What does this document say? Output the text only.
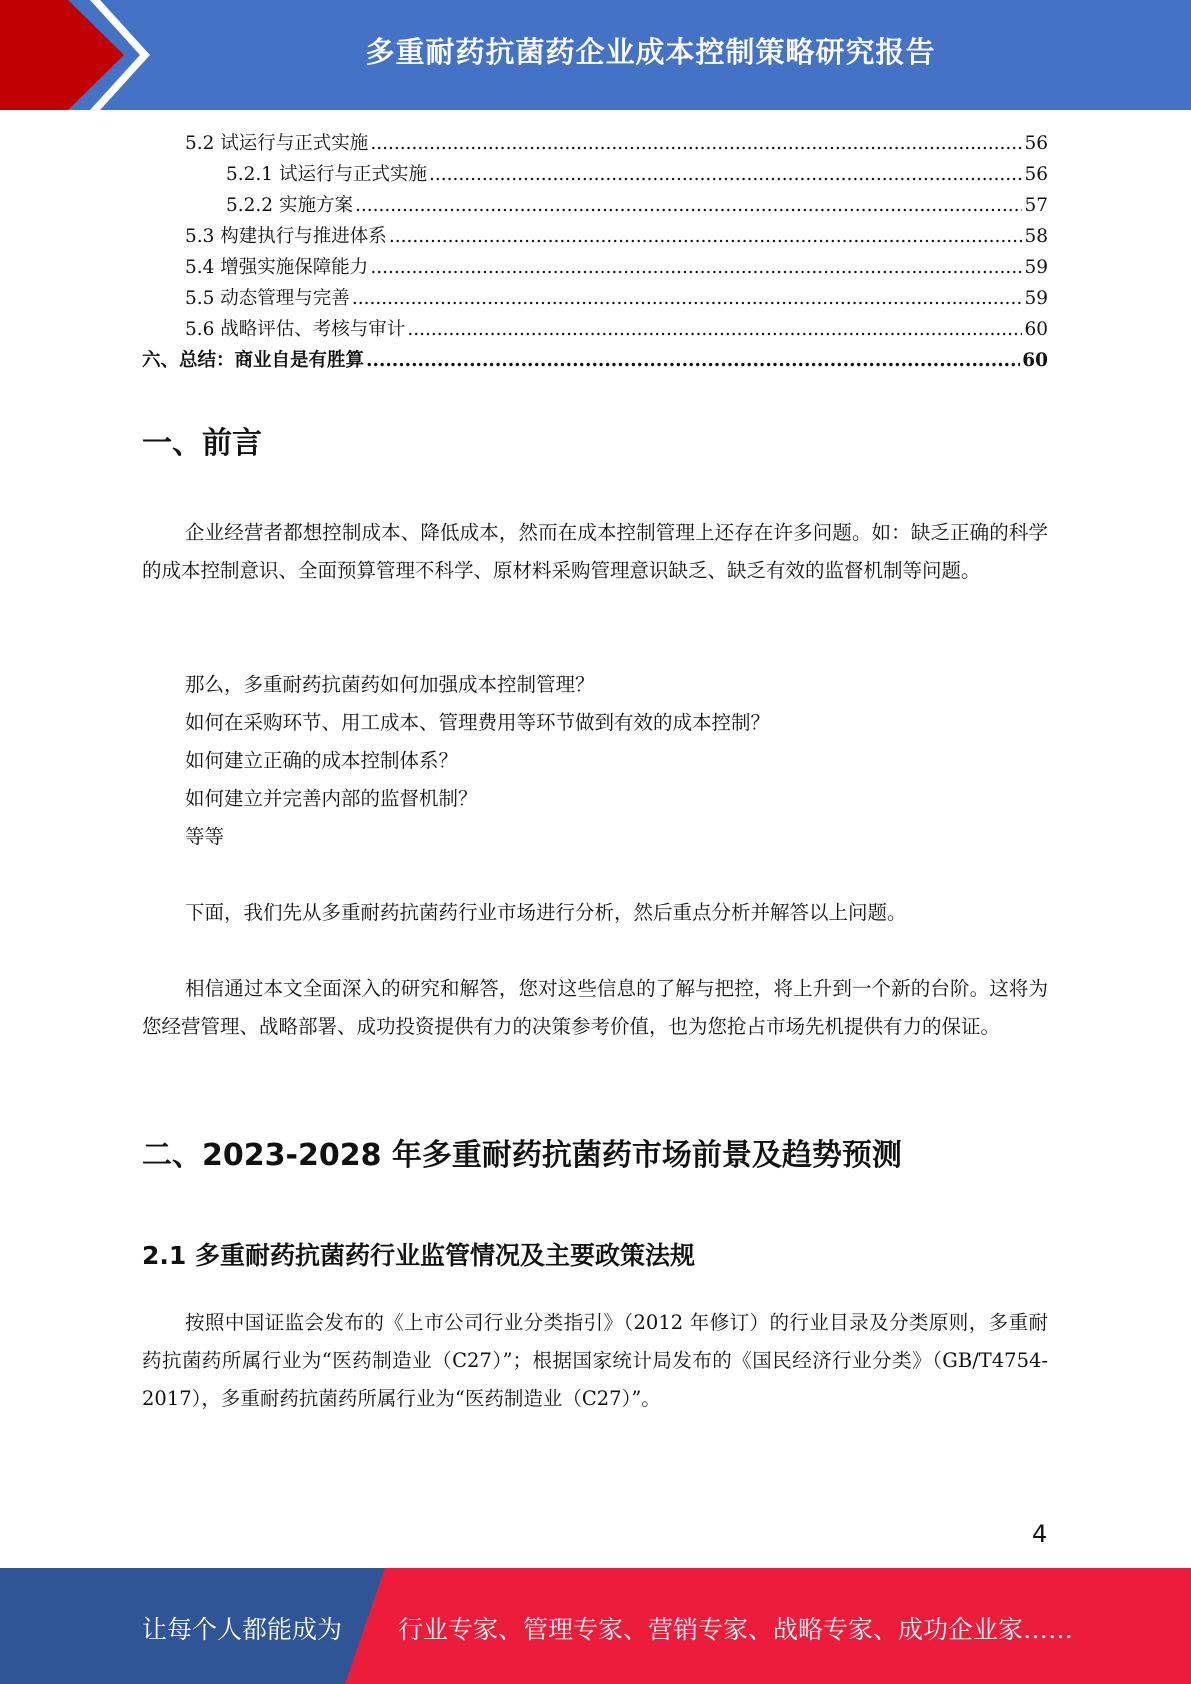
多重耐药抗菌药企业成本控制策略研究报告
5.2 试运行与正式实施 .....	56
5.2.1 试运行与正式实施 .....	56
5.2.2 实施方案 .....	57
5.3 构建执行与推进体系 .....	58
5.4 增强实施保障能力 .....	59
5.5 动态管理与完善 .....	59
5.6 战略评估、考核与审计 .....	60
六、总结：商业自是有胜算 .....	60
一、前言
企业经营者都想控制成本、降低成本，然而在成本控制管理上还存在许多问题。如：缺乏正确的科学的成本控制意识、全面预算管理不科学、原材料采购管理意识缺乏、缺乏有效的监督机制等问题。
那么，多重耐药抗菌药如何加强成本控制管理？
如何在采购环节、用工成本、管理费用等环节做到有效的成本控制？
如何建立正确的成本控制体系？
如何建立并完善内部的监督机制？
等等
下面，我们先从多重耐药抗菌药行业市场进行分析，然后重点分析并解答以上问题。
相信通过本文全面深入的研究和解答，您对这些信息的了解与把控，将上升到一个新的台阶。这将为您经营管理、战略部署、成功投资提供有力的决策参考价值，也为您抢占市场先机提供有力的保证。
二、2023-2028 年多重耐药抗菌药市场前景及趋势预测
2.1 多重耐药抗菌药行业监管情况及主要政策法规
按照中国证监会发布的《上市公司行业分类指引》（2012 年修订）的行业目录及分类原则，多重耐药抗菌药所属行业为“医药制造业（C27）”；根据国家统计局发布的《国民经济行业分类》（GB/T4754-2017），多重耐药抗菌药所属行业为“医药制造业（C27）”。
4
让每个人都能成为 行业专家、管理专家、营销专家、战略专家、成功企业家……
